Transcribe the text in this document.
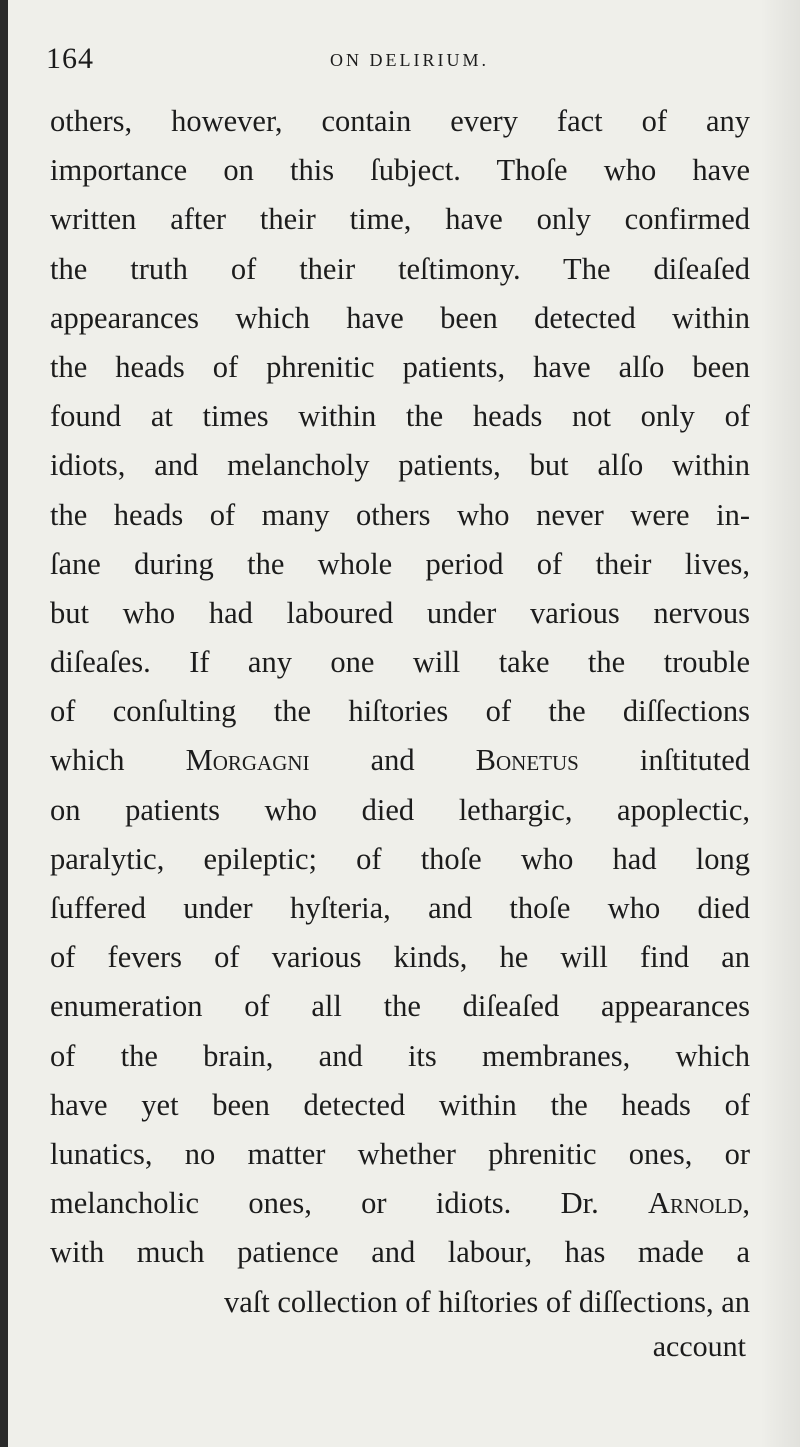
164	ON DELIRIUM.
others, however, contain every fact of any
importance on this ſubject. Thoſe who have
written after their time, have only confirmed
the truth of their teſtimony. The diſeaſed
appearances which have been detected within
the heads of phrenitic patients, have alſo been
found at times within the heads not only of
idiots, and melancholy patients, but alſo within
the heads of many others who never were in-
ſane during the whole period of their lives,
but who had laboured under various nervous
diſeaſes. If any one will take the trouble
of conſulting the hiſtories of the diſſections
which Morgagni and Bonetus inſtituted
on patients who died lethargic, apoplectic,
paralytic, epileptic; of thoſe who had long
ſuffered under hyſteria, and thoſe who died
of fevers of various kinds, he will find an
enumeration of all the diſeaſed appearances
of the brain, and its membranes, which
have yet been detected within the heads of
lunatics, no matter whether phrenitic ones, or
melancholic ones, or idiots. Dr. Arnold,
with much patience and labour, has made a
vaſt collection of hiſtories of diſſections, an
account
